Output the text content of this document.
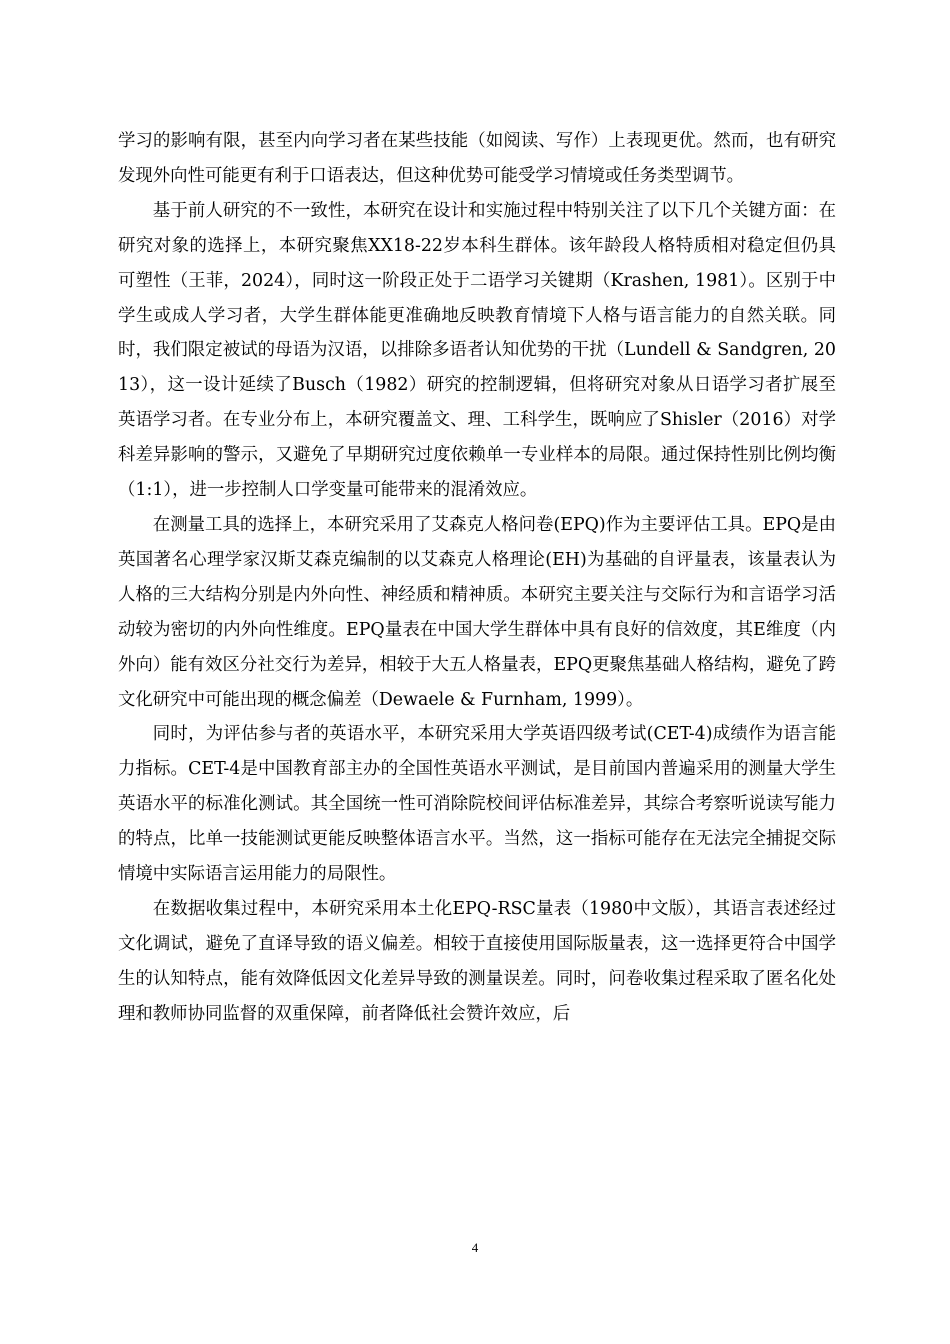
学习的影响有限，甚至内向学习者在某些技能（如阅读、写作）上表现更优。然而，也有研究发现外向性可能更有利于口语表达，但这种优势可能受学习情境或任务类型调节。

基于前人研究的不一致性，本研究在设计和实施过程中特别关注了以下几个关键方面：在研究对象的选择上，本研究聚焦XX18-22岁本科生群体。该年龄段人格特质相对稳定但仍具可塑性（王菲，2024），同时这一阶段正处于二语学习关键期（Krashen, 1981）。区别于中学生或成人学习者，大学生群体能更准确地反映教育情境下人格与语言能力的自然关联。同时，我们限定被试的母语为汉语，以排除多语者认知优势的干扰（Lundell & Sandgren, 2013），这一设计延续了Busch（1982）研究的控制逻辑，但将研究对象从日语学习者扩展至英语学习者。在专业分布上，本研究覆盖文、理、工科学生，既响应了Shisler（2016）对学科差异影响的警示，又避免了早期研究过度依赖单一专业样本的局限。通过保持性别比例均衡（1:1），进一步控制人口学变量可能带来的混淆效应。

在测量工具的选择上，本研究采用了艾森克人格问卷(EPQ)作为主要评估工具。EPQ是由英国著名心理学家汉斯艾森克编制的以艾森克人格理论(EH)为基础的自评量表，该量表认为人格的三大结构分别是内外向性、神经质和精神质。本研究主要关注与交际行为和言语学习活动较为密切的内外向性维度。EPQ量表在中国大学生群体中具有良好的信效度，其E维度（内外向）能有效区分社交行为差异，相较于大五人格量表，EPQ更聚焦基础人格结构，避免了跨文化研究中可能出现的概念偏差（Dewaele & Furnham, 1999）。

同时，为评估参与者的英语水平，本研究采用大学英语四级考试(CET-4)成绩作为语言能力指标。CET-4是中国教育部主办的全国性英语水平测试，是目前国内普遍采用的测量大学生英语水平的标准化测试。其全国统一性可消除院校间评估标准差异，其综合考察听说读写能力的特点，比单一技能测试更能反映整体语言水平。当然，这一指标可能存在无法完全捕捉交际情境中实际语言运用能力的局限性。

在数据收集过程中，本研究采用本土化EPQ-RSC量表（1980中文版），其语言表述经过文化调试，避免了直译导致的语义偏差。相较于直接使用国际版量表，这一选择更符合中国学生的认知特点，能有效降低因文化差异导致的测量误差。同时，问卷收集过程采取了匿名化处理和教师协同监督的双重保障，前者降低社会赞许效应，后

4
